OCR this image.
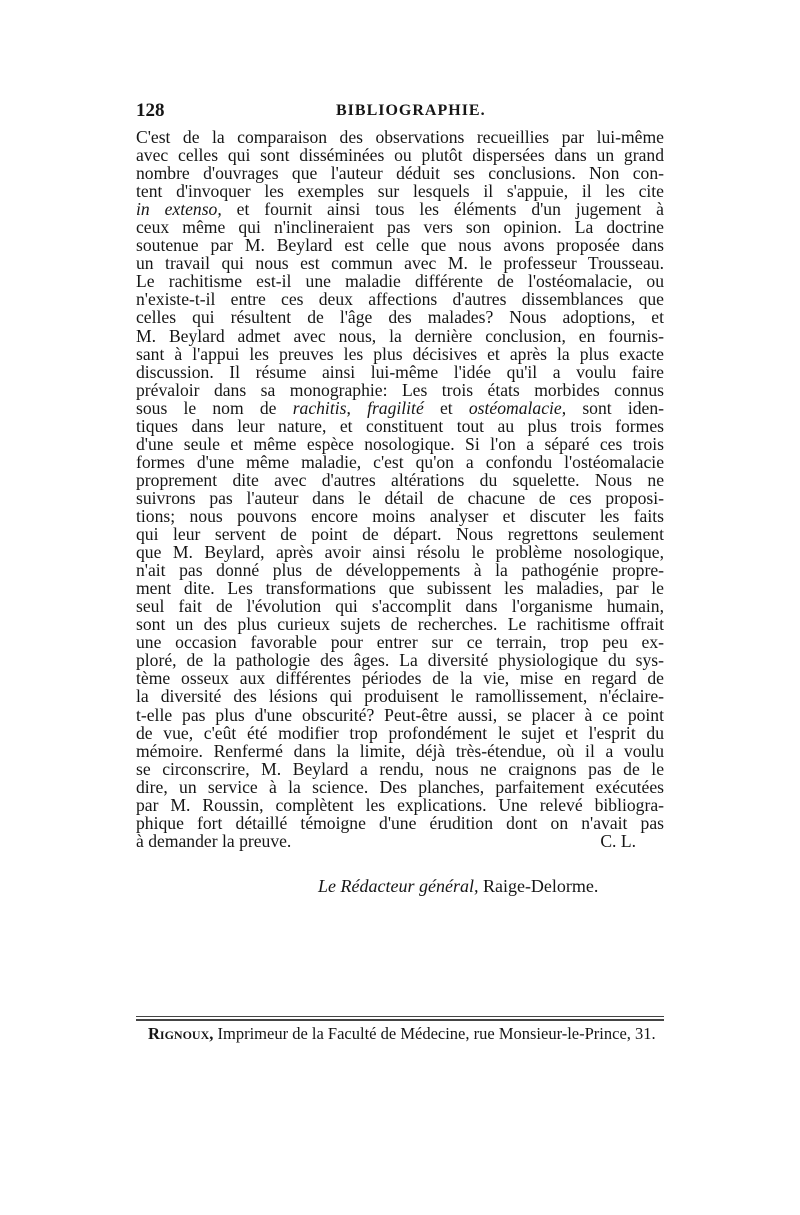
128	BIBLIOGRAPHIE.
C'est de la comparaison des observations recueillies par lui-même
avec celles qui sont disséminées ou plutôt dispersées dans un grand
nombre d'ouvrages que l'auteur déduit ses conclusions. Non con-
tent d'invoquer les exemples sur lesquels il s'appuie, il les cite
in extenso, et fournit ainsi tous les éléments d'un jugement à
ceux même qui n'inclineraient pas vers son opinion. La doctrine
soutenue par M. Beylard est celle que nous avons proposée dans
un travail qui nous est commun avec M. le professeur Trousseau.
Le rachitisme est-il une maladie différente de l'ostéomalacie, ou
n'existe-t-il entre ces deux affections d'autres dissemblances que
celles qui résultent de l'âge des malades? Nous adoptions, et
M. Beylard admet avec nous, la dernière conclusion, en fournis-
sant à l'appui les preuves les plus décisives et après la plus exacte
discussion. Il résume ainsi lui-même l'idée qu'il a voulu faire
prévaloir dans sa monographie: Les trois états morbides connus
sous le nom de rachitis, fragilité et ostéomalacie, sont iden-
tiques dans leur nature, et constituent tout au plus trois formes
d'une seule et même espèce nosologique. Si l'on a séparé ces trois
formes d'une même maladie, c'est qu'on a confondu l'ostéomalacie
proprement dite avec d'autres altérations du squelette. Nous ne
suivrons pas l'auteur dans le détail de chacune de ces proposi-
tions; nous pouvons encore moins analyser et discuter les faits
qui leur servent de point de départ. Nous regrettons seulement
que M. Beylard, après avoir ainsi résolu le problème nosologique,
n'ait pas donné plus de développements à la pathogénie propre-
ment dite. Les transformations que subissent les maladies, par le
seul fait de l'évolution qui s'accomplit dans l'organisme humain,
sont un des plus curieux sujets de recherches. Le rachitisme offrait
une occasion favorable pour entrer sur ce terrain, trop peu ex-
ploré, de la pathologie des âges. La diversité physiologique du sys-
tème osseux aux différentes périodes de la vie, mise en regard de
la diversité des lésions qui produisent le ramollissement, n'éclaire-
t-elle pas plus d'une obscurité? Peut-être aussi, se placer à ce point
de vue, c'eût été modifier trop profondément le sujet et l'esprit du
mémoire. Renfermé dans la limite, déjà très-étendue, où il a voulu
se circonscrire, M. Beylard a rendu, nous ne craignons pas de le
dire, un service à la science. Des planches, parfaitement exécutées
par M. Roussin, complètent les explications. Une relevé bibliogra-
phique fort détaillé témoigne d'une érudition dont on n'avait pas
à demander la preuve.	C. L.
Le Rédacteur général, Raige-Delorme.
Rignoux, Imprimeur de la Faculté de Médecine, rue Monsieur-le-Prince, 31.
